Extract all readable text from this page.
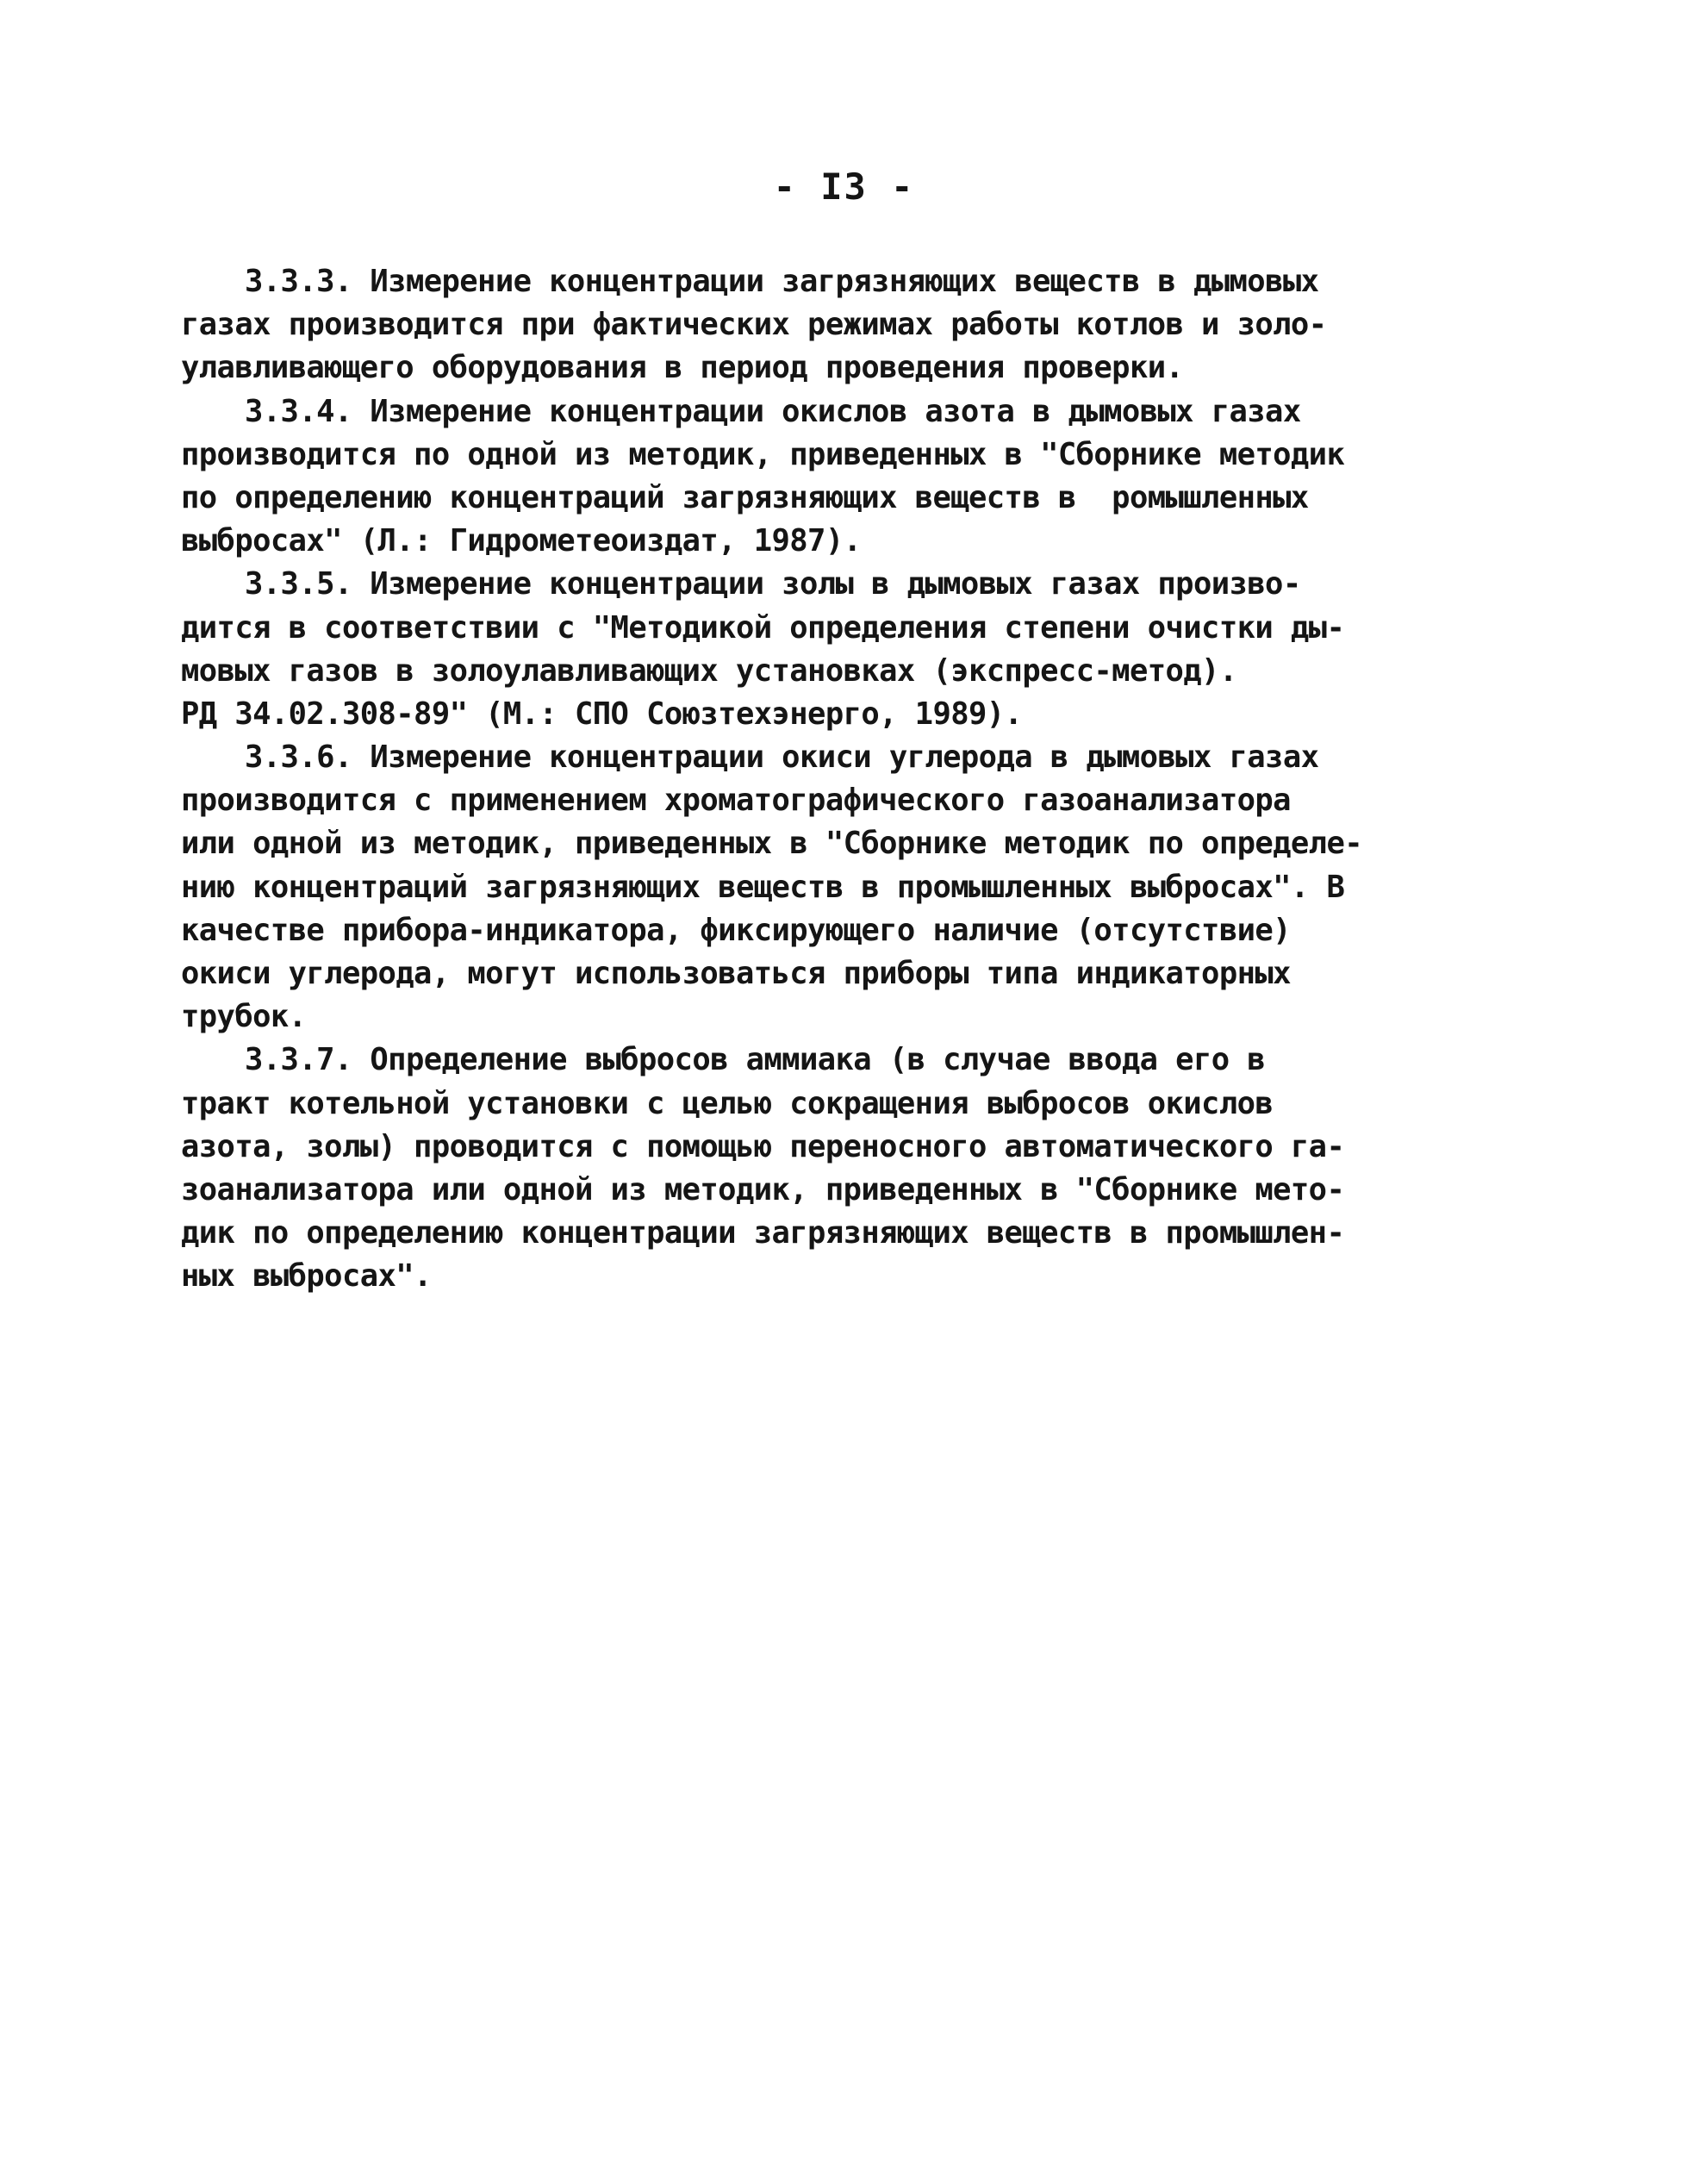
- I3 -
3.3.3. Измерение концентрации загрязняющих веществ в дымовых
газах производится при фактических режимах работы котлов и золо-
улавливающего оборудования в период проведения проверки.
3.3.4. Измерение концентрации окислов азота в дымовых газах
производится по одной из методик, приведенных в "Сборнике методик
по определению концентраций загрязняющих веществ в  ромышленных
выбросах" (Л.: Гидрометеоиздат, 1987).
3.3.5. Измерение концентрации золы в дымовых газах произво-
дится в соответствии с "Методикой определения степени очистки ды-
мовых газов в золоулавливающих установках (экспресс-метод).
РД 34.02.308-89" (М.: СПО Союзтехэнерго, 1989).
3.3.6. Измерение концентрации окиси углерода в дымовых газах
производится с применением хроматографического газоанализатора
или одной из методик, приведенных в "Сборнике методик по определе-
нию концентраций загрязняющих веществ в промышленных выбросах". В
качестве прибора-индикатора, фиксирующего наличие (отсутствие)
окиси углерода, могут использоваться приборы типа индикаторных
трубок.
3.3.7. Определение выбросов аммиака (в случае ввода его в
тракт котельной установки с целью сокращения выбросов окислов
азота, золы) проводится с помощью переносного автоматического га-
зоанализатора или одной из методик, приведенных в "Сборнике мето-
дик по определению концентрации загрязняющих веществ в промышлен-
ных выбросах".
